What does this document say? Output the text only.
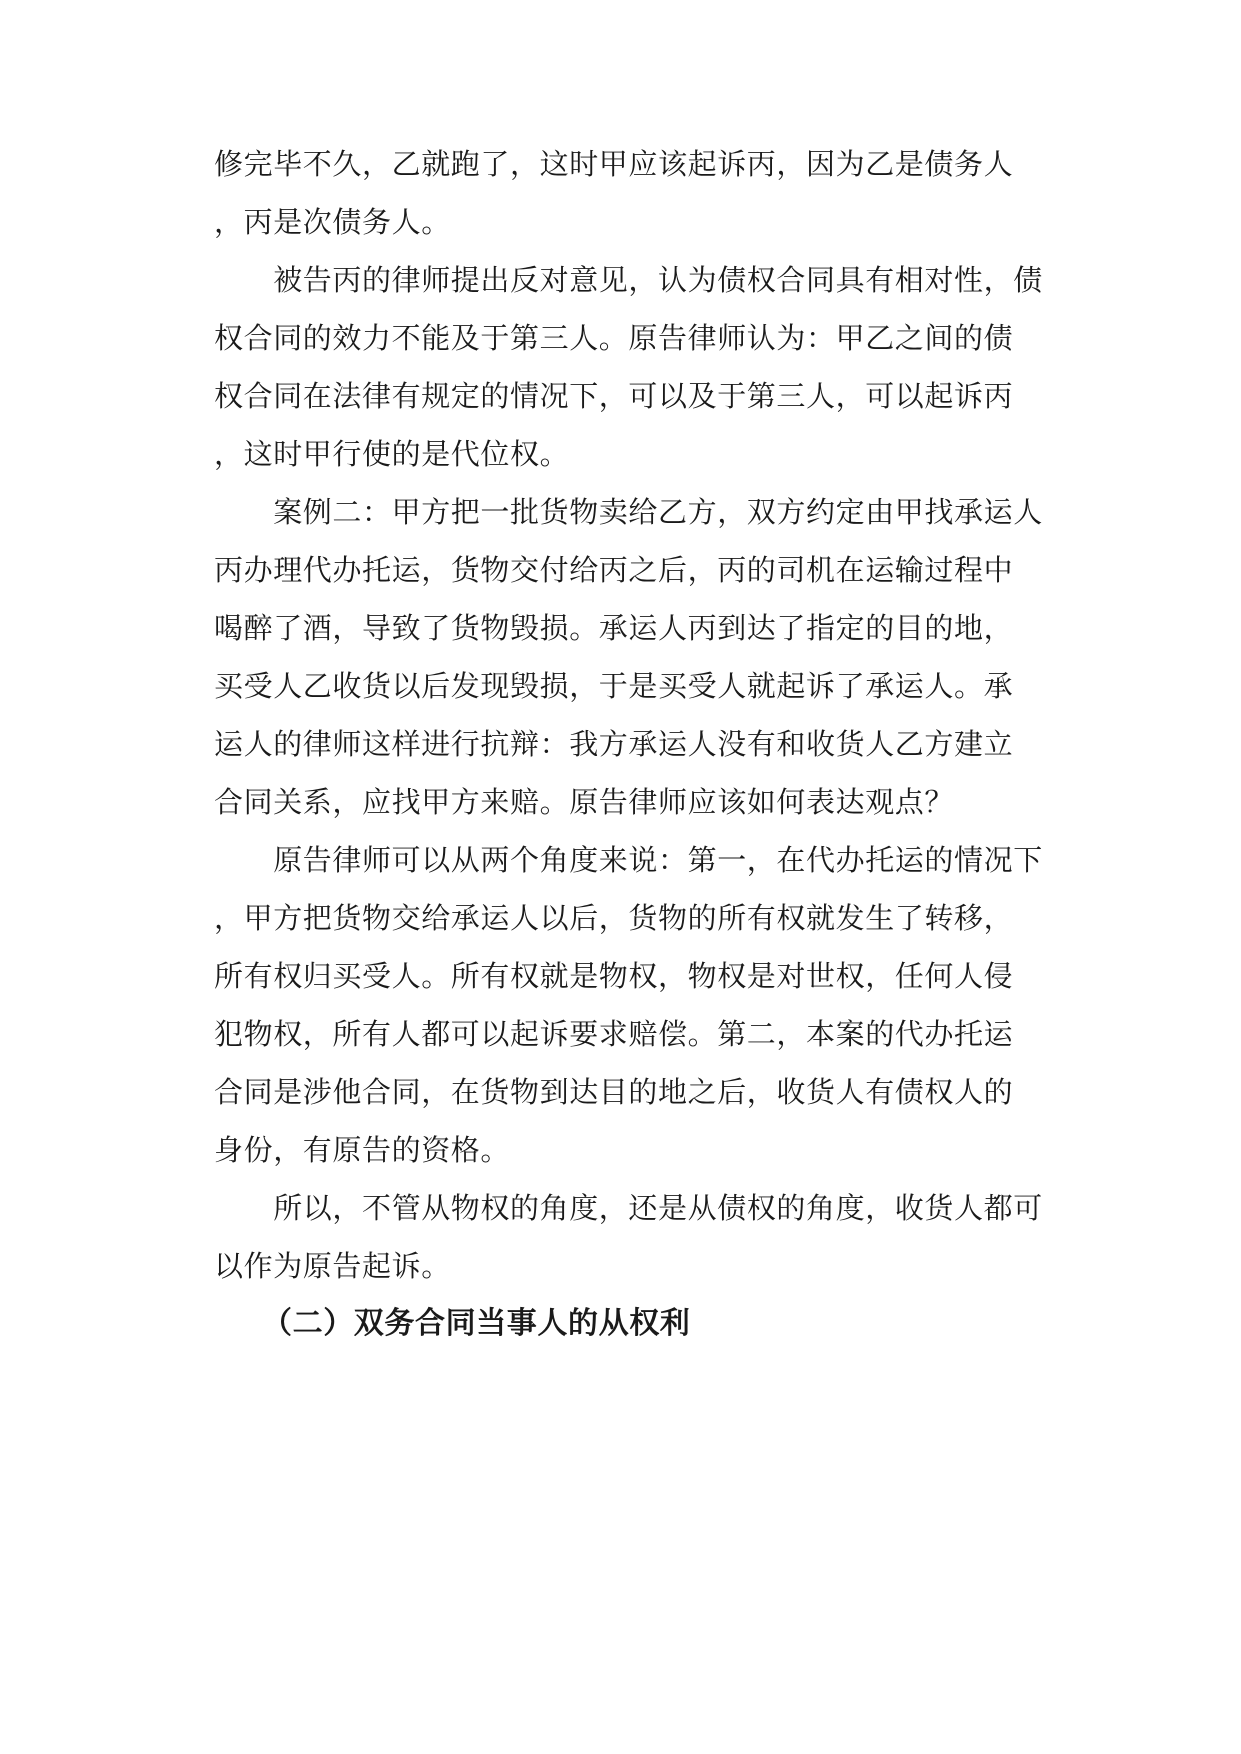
修完毕不久，乙就跑了，这时甲应该起诉丙，因为乙是债务人
，丙是次债务人。
　　被告丙的律师提出反对意见，认为债权合同具有相对性，债
权合同的效力不能及于第三人。原告律师认为：甲乙之间的债
权合同在法律有规定的情况下，可以及于第三人，可以起诉丙
，这时甲行使的是代位权。
　　案例二：甲方把一批货物卖给乙方，双方约定由甲找承运人
丙办理代办托运，货物交付给丙之后，丙的司机在运输过程中
喝醉了酒，导致了货物毁损。承运人丙到达了指定的目的地，
买受人乙收货以后发现毁损，于是买受人就起诉了承运人。承
运人的律师这样进行抗辩：我方承运人没有和收货人乙方建立
合同关系，应找甲方来赔。原告律师应该如何表达观点？
　　原告律师可以从两个角度来说：第一，在代办托运的情况下
，甲方把货物交给承运人以后，货物的所有权就发生了转移，
所有权归买受人。所有权就是物权，物权是对世权，任何人侵
犯物权，所有人都可以起诉要求赔偿。第二，本案的代办托运
合同是涉他合同，在货物到达目的地之后，收货人有债权人的
身份，有原告的资格。
　　所以，不管从物权的角度，还是从债权的角度，收货人都可
以作为原告起诉。
（二）双务合同当事人的从权利
